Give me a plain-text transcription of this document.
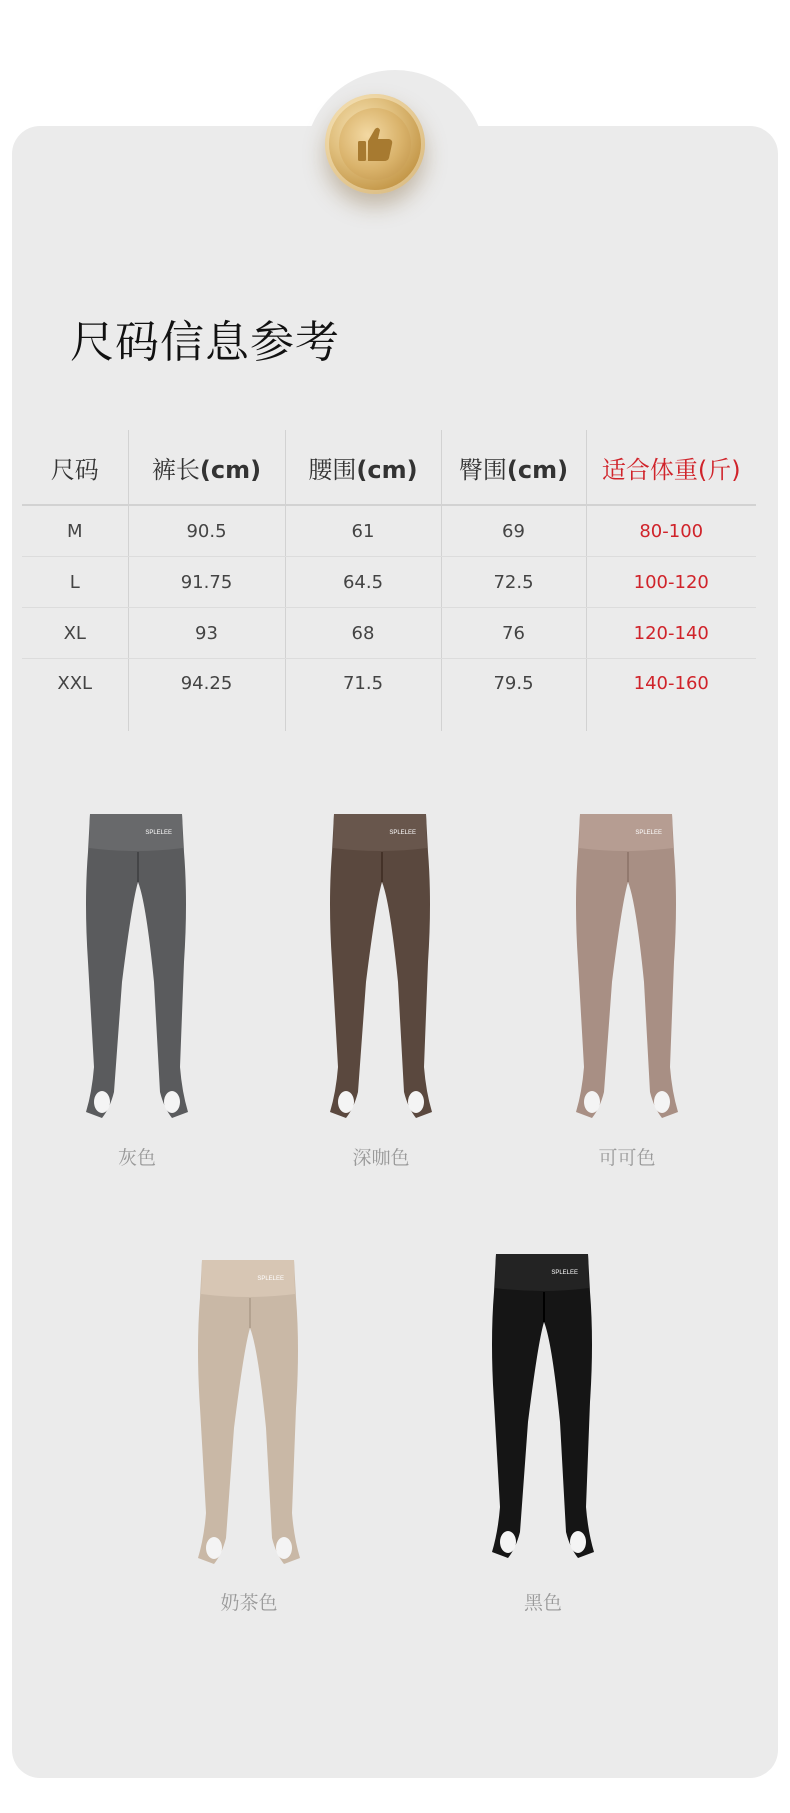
尺码信息参考
尺码	裤长(cm)	腰围(cm)	臀围(cm)	适合体重(斤)
M	90.5	61	69	80-100
L	91.75	64.5	72.5	100-120
XL	93	68	76	120-140
XXL	94.25	71.5	79.5	140-160
SPLELEE
灰色
SPLELEE
深咖色
SPLELEE
可可色
SPLELEE
奶茶色
SPLELEE
黑色
